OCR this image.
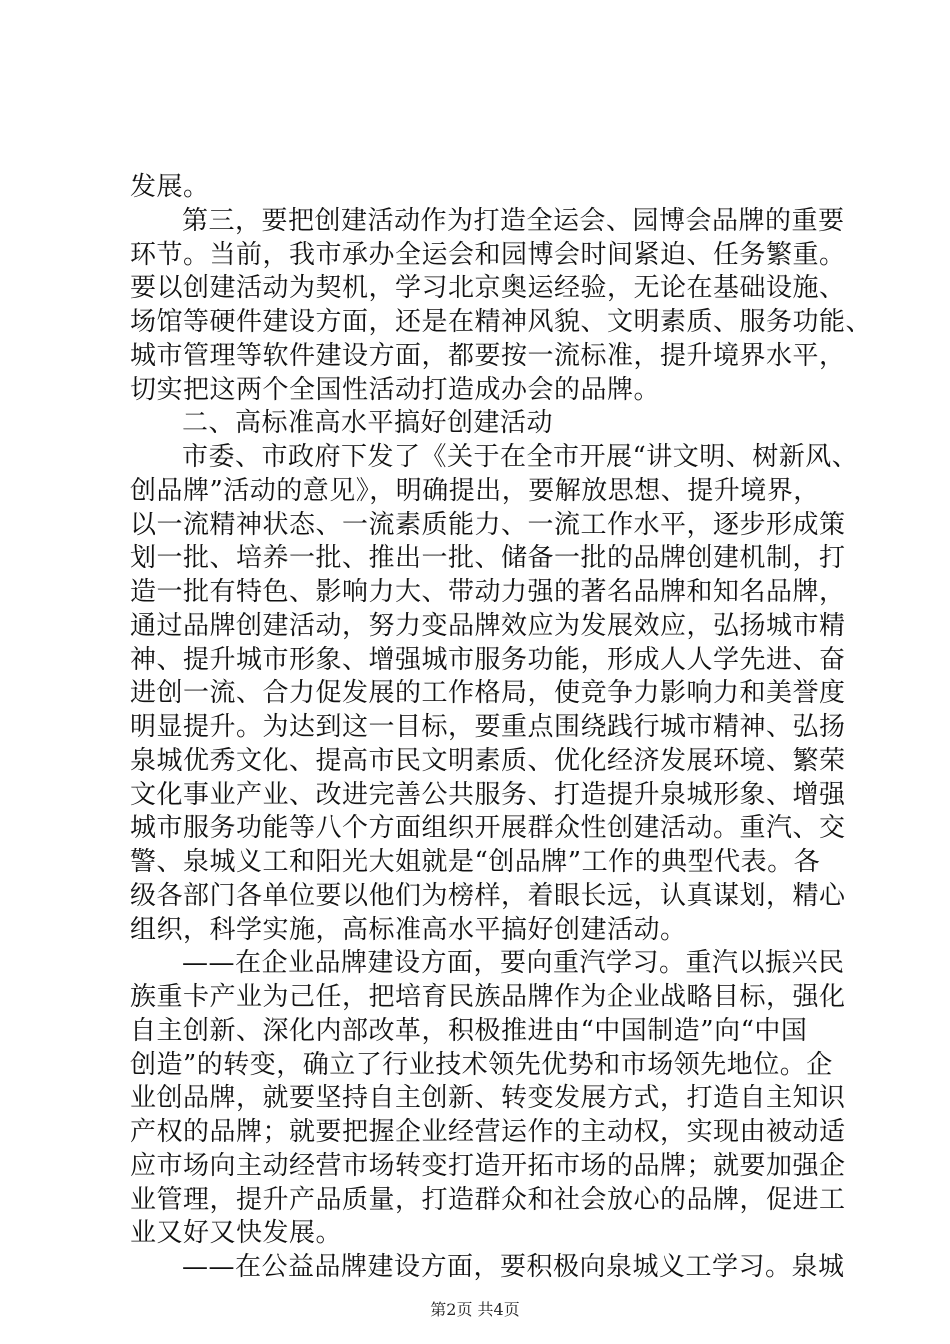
发展。
第三，要把创建活动作为打造全运会、园博会品牌的重要
环节。当前，我市承办全运会和园博会时间紧迫、任务繁重。
要以创建活动为契机，学习北京奥运经验，无论在基础设施、
场馆等硬件建设方面，还是在精神风貌、文明素质、服务功能、
城市管理等软件建设方面，都要按一流标准，提升境界水平，
切实把这两个全国性活动打造成办会的品牌。
二、高标准高水平搞好创建活动
市委、市政府下发了《关于在全市开展“讲文明、树新风、
创品牌”活动的意见》，明确提出，要解放思想、提升境界，
以一流精神状态、一流素质能力、一流工作水平，逐步形成策
划一批、培养一批、推出一批、储备一批的品牌创建机制，打
造一批有特色、影响力大、带动力强的著名品牌和知名品牌，
通过品牌创建活动，努力变品牌效应为发展效应，弘扬城市精
神、提升城市形象、增强城市服务功能，形成人人学先进、奋
进创一流、合力促发展的工作格局，使竞争力影响力和美誉度
明显提升。为达到这一目标，要重点围绕践行城市精神、弘扬
泉城优秀文化、提高市民文明素质、优化经济发展环境、繁荣
文化事业产业、改进完善公共服务、打造提升泉城形象、增强
城市服务功能等八个方面组织开展群众性创建活动。重汽、交
警、泉城义工和阳光大姐就是“创品牌”工作的典型代表。各
级各部门各单位要以他们为榜样，着眼长远，认真谋划，精心
组织，科学实施，高标准高水平搞好创建活动。
——在企业品牌建设方面，要向重汽学习。重汽以振兴民
族重卡产业为己任，把培育民族品牌作为企业战略目标，强化
自主创新、深化内部改革，积极推进由“中国制造”向“中国
创造”的转变，确立了行业技术领先优势和市场领先地位。企
业创品牌，就要坚持自主创新、转变发展方式，打造自主知识
产权的品牌；就要把握企业经营运作的主动权，实现由被动适
应市场向主动经营市场转变打造开拓市场的品牌；就要加强企
业管理，提升产品质量，打造群众和社会放心的品牌，促进工
业又好又快发展。
——在公益品牌建设方面，要积极向泉城义工学习。泉城
第2页 共4页
